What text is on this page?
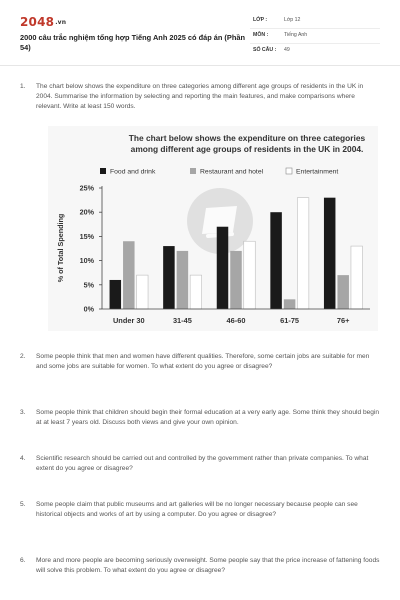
2048.vn
2000 câu trắc nghiệm tổng hợp Tiếng Anh 2025 có đáp án (Phần 54)
LỚP :	Lớp 12
MÔN :	Tiếng Anh
SỐ CÂU : 49
1. The chart below shows the expenditure on three categories among different age groups of residents in the UK in 2004. Summarise the information by selecting and reporting the main features, and make comparisons where relevant. Write at least 150 words.
The chart below shows the expenditure on three categories
among different age groups of residents in the UK in 2004.
Food and drink	Restaurant and hotel	Entertainment
% of Total Spending
0%
5%
10%
15%
20%
25%
Under 30	31-45	46-60	61-75	76+
2. Some people think that men and women have different qualities. Therefore, some certain jobs are suitable for men and some jobs are suitable for women. To what extent do you agree or disagree?
3. Some people think that children should begin their formal education at a very early age. Some think they should begin at at least 7 years old. Discuss both views and give your own opinion.
4. Scientific research should be carried out and controlled by the government rather than private companies. To what extent do you agree or disagree?
5. Some people claim that public museums and art galleries will be no longer necessary because people can see historical objects and works of art by using a computer. Do you agree or disagree?
6. More and more people are becoming seriously overweight. Some people say that the price increase of fattening foods will solve this problem. To what extent do you agree or disagree?
